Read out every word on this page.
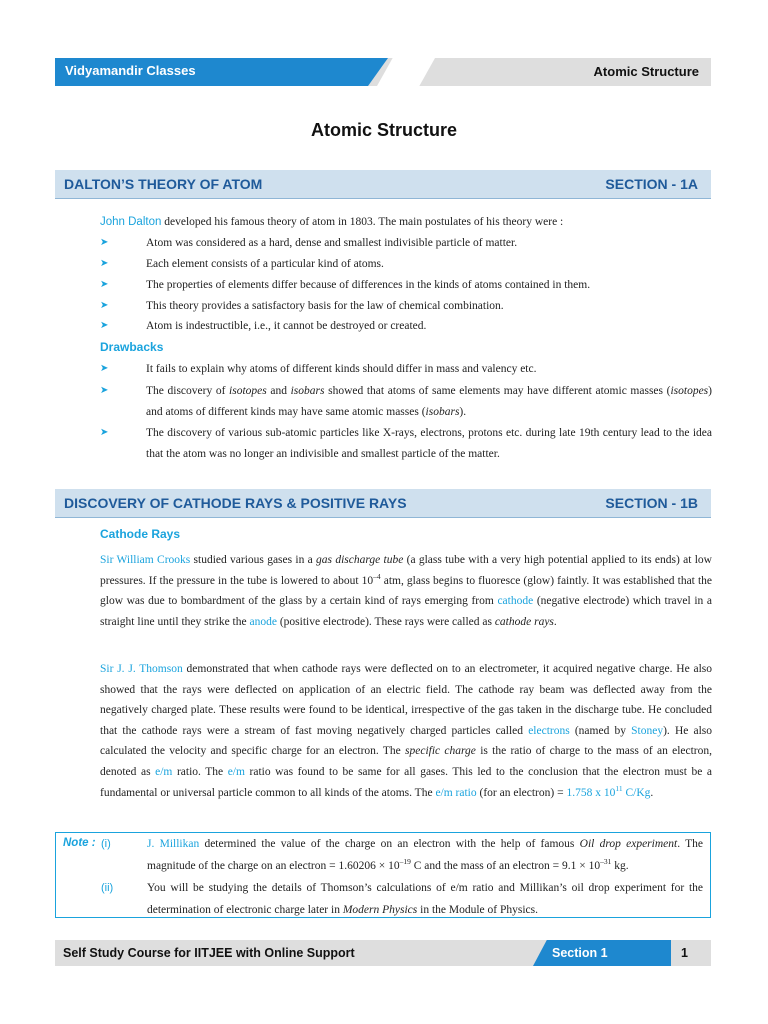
Vidyamandir Classes	Atomic Structure
Atomic Structure
DALTON’S THEORY OF ATOM	SECTION - 1A
John Dalton developed his famous theory of atom in 1803. The main postulates of his theory were :
➤	Atom was considered as a hard, dense and smallest indivisible particle of matter.
➤	Each element consists of a particular kind of atoms.
➤	The properties of elements differ because of differences in the kinds of atoms contained in them.
➤	This theory provides a satisfactory basis for the law of chemical combination.
➤	Atom is indestructible, i.e., it cannot be destroyed or created.
Drawbacks
➤	It fails to explain why atoms of different kinds should differ in mass and valency etc.
➤	The discovery of isotopes and isobars showed that atoms of same elements may have different atomic masses (isotopes) and atoms of different kinds may have same atomic masses (isobars).
➤	The discovery of various sub-atomic particles like X-rays, electrons, protons etc. during late 19th century lead to the idea that the atom was no longer an indivisible and smallest particle of the matter.
DISCOVERY OF CATHODE RAYS & POSITIVE RAYS	SECTION - 1B
Cathode Rays
Sir William Crooks studied various gases in a gas discharge tube (a glass tube with a very high potential applied to its ends) at low pressures. If the pressure in the tube is lowered to about $10^{-4}$ atm, glass begins to fluoresce (glow) faintly. It was established that the glow was due to bombardment of the glass by a certain kind of rays emerging from cathode (negative electrode) which travel in a straight line until they strike the anode (positive electrode). These rays were called as cathode rays.
Sir J. J. Thomson demonstrated that when cathode rays were deflected on to an electrometer, it acquired negative charge. He also showed that the rays were deflected on application of an electric field. The cathode ray beam was deflected away from the negatively charged plate. These results were found to be identical, irrespective of the gas taken in the discharge tube. He concluded that the cathode rays were a stream of fast moving negatively charged particles called electrons (named by Stoney). He also calculated the velocity and specific charge for an electron. The specific charge is the ratio of charge to the mass of an electron, denoted as e/m ratio. The e/m ratio was found to be same for all gases. This led to the conclusion that the electron must be a fundamental or universal particle common to all kinds of the atoms. The e/m ratio (for an electron) = 1.758 x $10^{11}$ C/Kg.
Note : (i)	J. Millikan determined the value of the charge on an electron with the help of famous Oil drop experiment. The magnitude of the charge on an electron = $1.60206 \times 10^{-19}$ C and the mass of an electron = $9.1 \times 10^{-31}$ kg.
(ii)	You will be studying the details of Thomson’s calculations of e/m ratio and Millikan’s oil drop experiment for the determination of electronic charge later in Modern Physics in the Module of Physics.
Self Study Course for IITJEE with Online Support	Section 1	1
